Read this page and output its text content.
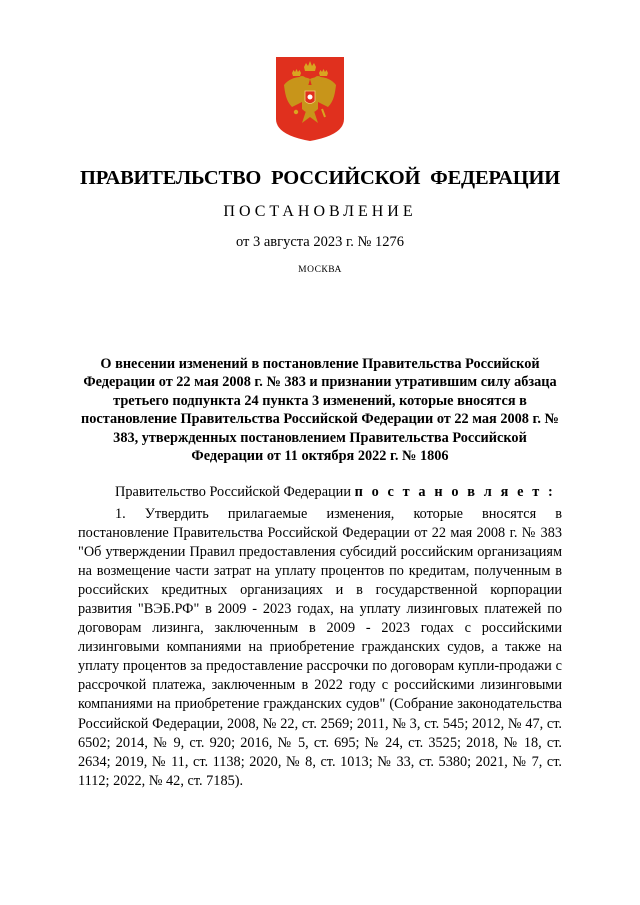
ПРАВИТЕЛЬСТВО РОССИЙСКОЙ ФЕДЕРАЦИИ
ПОСТАНОВЛЕНИЕ
от 3 августа 2023 г. № 1276
МОСКВА
О внесении изменений в постановление Правительства Российской Федерации от 22 мая 2008 г. № 383 и признании утратившим силу абзаца третьего подпункта 24 пункта 3 изменений, которые вносятся в постановление Правительства Российской Федерации от 22 мая 2008 г. № 383, утвержденных постановлением Правительства Российской Федерации от 11 октября 2022 г. № 1806
Правительство Российской Федерации п о с т а н о в л я е т :
1. Утвердить прилагаемые изменения, которые вносятся в постановление Правительства Российской Федерации от 22 мая 2008 г. № 383 "Об утверждении Правил предоставления субсидий российским организациям на возмещение части затрат на уплату процентов по кредитам, полученным в российских кредитных организациях и в государственной корпорации развития "ВЭБ.РФ" в 2009 - 2023 годах, на уплату лизинговых платежей по договорам лизинга, заключенным в 2009 - 2023 годах с российскими лизинговыми компаниями на приобретение гражданских судов, а также на уплату процентов за предоставление рассрочки по договорам купли-продажи с рассрочкой платежа, заключенным в 2022 году с российскими лизинговыми компаниями на приобретение гражданских судов" (Собрание законодательства Российской Федерации, 2008, № 22, ст. 2569; 2011, № 3, ст. 545; 2012, № 47, ст. 6502; 2014, № 9, ст. 920; 2016, № 5, ст. 695; № 24, ст. 3525; 2018, № 18, ст. 2634; 2019, № 11, ст. 1138; 2020, № 8, ст. 1013; № 33, ст. 5380; 2021, № 7, ст. 1112; 2022, № 42, ст. 7185).
